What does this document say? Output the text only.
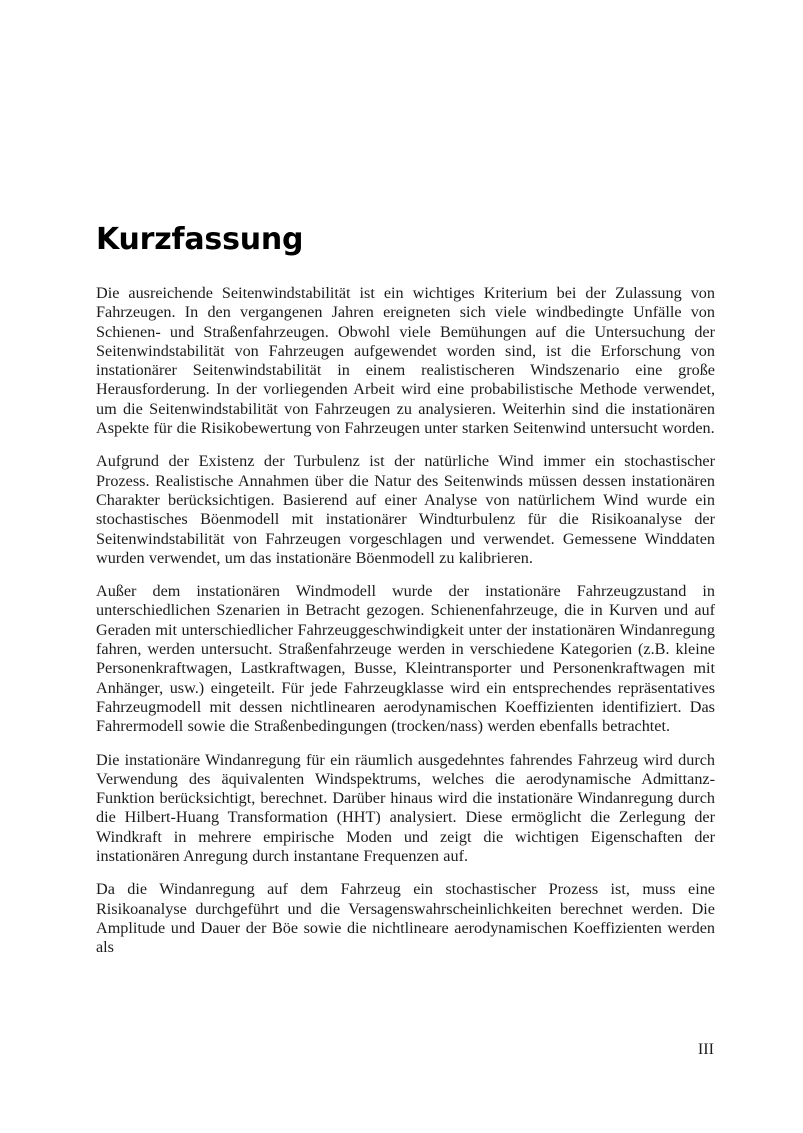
Kurzfassung

Die ausreichende Seitenwindstabilität ist ein wichtiges Kriterium bei der Zulassung von Fahrzeugen. In den vergangenen Jahren ereigneten sich viele windbedingte Unfälle von Schienen- und Straßenfahrzeugen. Obwohl viele Bemühungen auf die Untersuchung der Seitenwindstabilität von Fahrzeugen aufgewendet worden sind, ist die Erforschung von instationärer Seitenwindstabilität in einem realistischeren Windszenario eine große Herausforderung. In der vorliegenden Arbeit wird eine probabilistische Methode verwendet, um die Seitenwindstabilität von Fahrzeugen zu analysieren. Weiterhin sind die instationären Aspekte für die Risikobewertung von Fahrzeugen unter starken Seitenwind untersucht worden.

Aufgrund der Existenz der Turbulenz ist der natürliche Wind immer ein stochastischer Prozess. Realistische Annahmen über die Natur des Seitenwinds müssen dessen instationären Charakter berücksichtigen. Basierend auf einer Analyse von natürlichem Wind wurde ein stochastisches Böenmodell mit instationärer Windturbulenz für die Risikoanalyse der Seitenwindstabilität von Fahrzeugen vorgeschlagen und verwendet. Gemessene Winddaten wurden verwendet, um das instationäre Böenmodell zu kalibrieren.

Außer dem instationären Windmodell wurde der instationäre Fahrzeugzustand in unterschiedlichen Szenarien in Betracht gezogen. Schienenfahrzeuge, die in Kurven und auf Geraden mit unterschiedlicher Fahrzeuggeschwindigkeit unter der instationären Windanregung fahren, werden untersucht. Straßenfahrzeuge werden in verschiedene Kategorien (z.B. kleine Personenkraftwagen, Lastkraftwagen, Busse, Kleintransporter und Personenkraftwagen mit Anhänger, usw.) eingeteilt. Für jede Fahrzeugklasse wird ein entsprechendes repräsentatives Fahrzeugmodell mit dessen nichtlinearen aerodynamischen Koeffizienten identifiziert. Das Fahrermodell sowie die Straßenbedingungen (trocken/nass) werden ebenfalls betrachtet.

Die instationäre Windanregung für ein räumlich ausgedehntes fahrendes Fahrzeug wird durch Verwendung des äquivalenten Windspektrums, welches die aerodynamische Admittanz-Funktion berücksichtigt, berechnet. Darüber hinaus wird die instationäre Windanregung durch die Hilbert-Huang Transformation (HHT) analysiert. Diese ermöglicht die Zerlegung der Windkraft in mehrere empirische Moden und zeigt die wichtigen Eigenschaften der instationären Anregung durch instantane Frequenzen auf.

Da die Windanregung auf dem Fahrzeug ein stochastischer Prozess ist, muss eine Risikoanalyse durchgeführt und die Versagenswahrscheinlichkeiten berechnet werden. Die Amplitude und Dauer der Böe sowie die nichtlineare aerodynamischen Koeffizienten werden als

III
